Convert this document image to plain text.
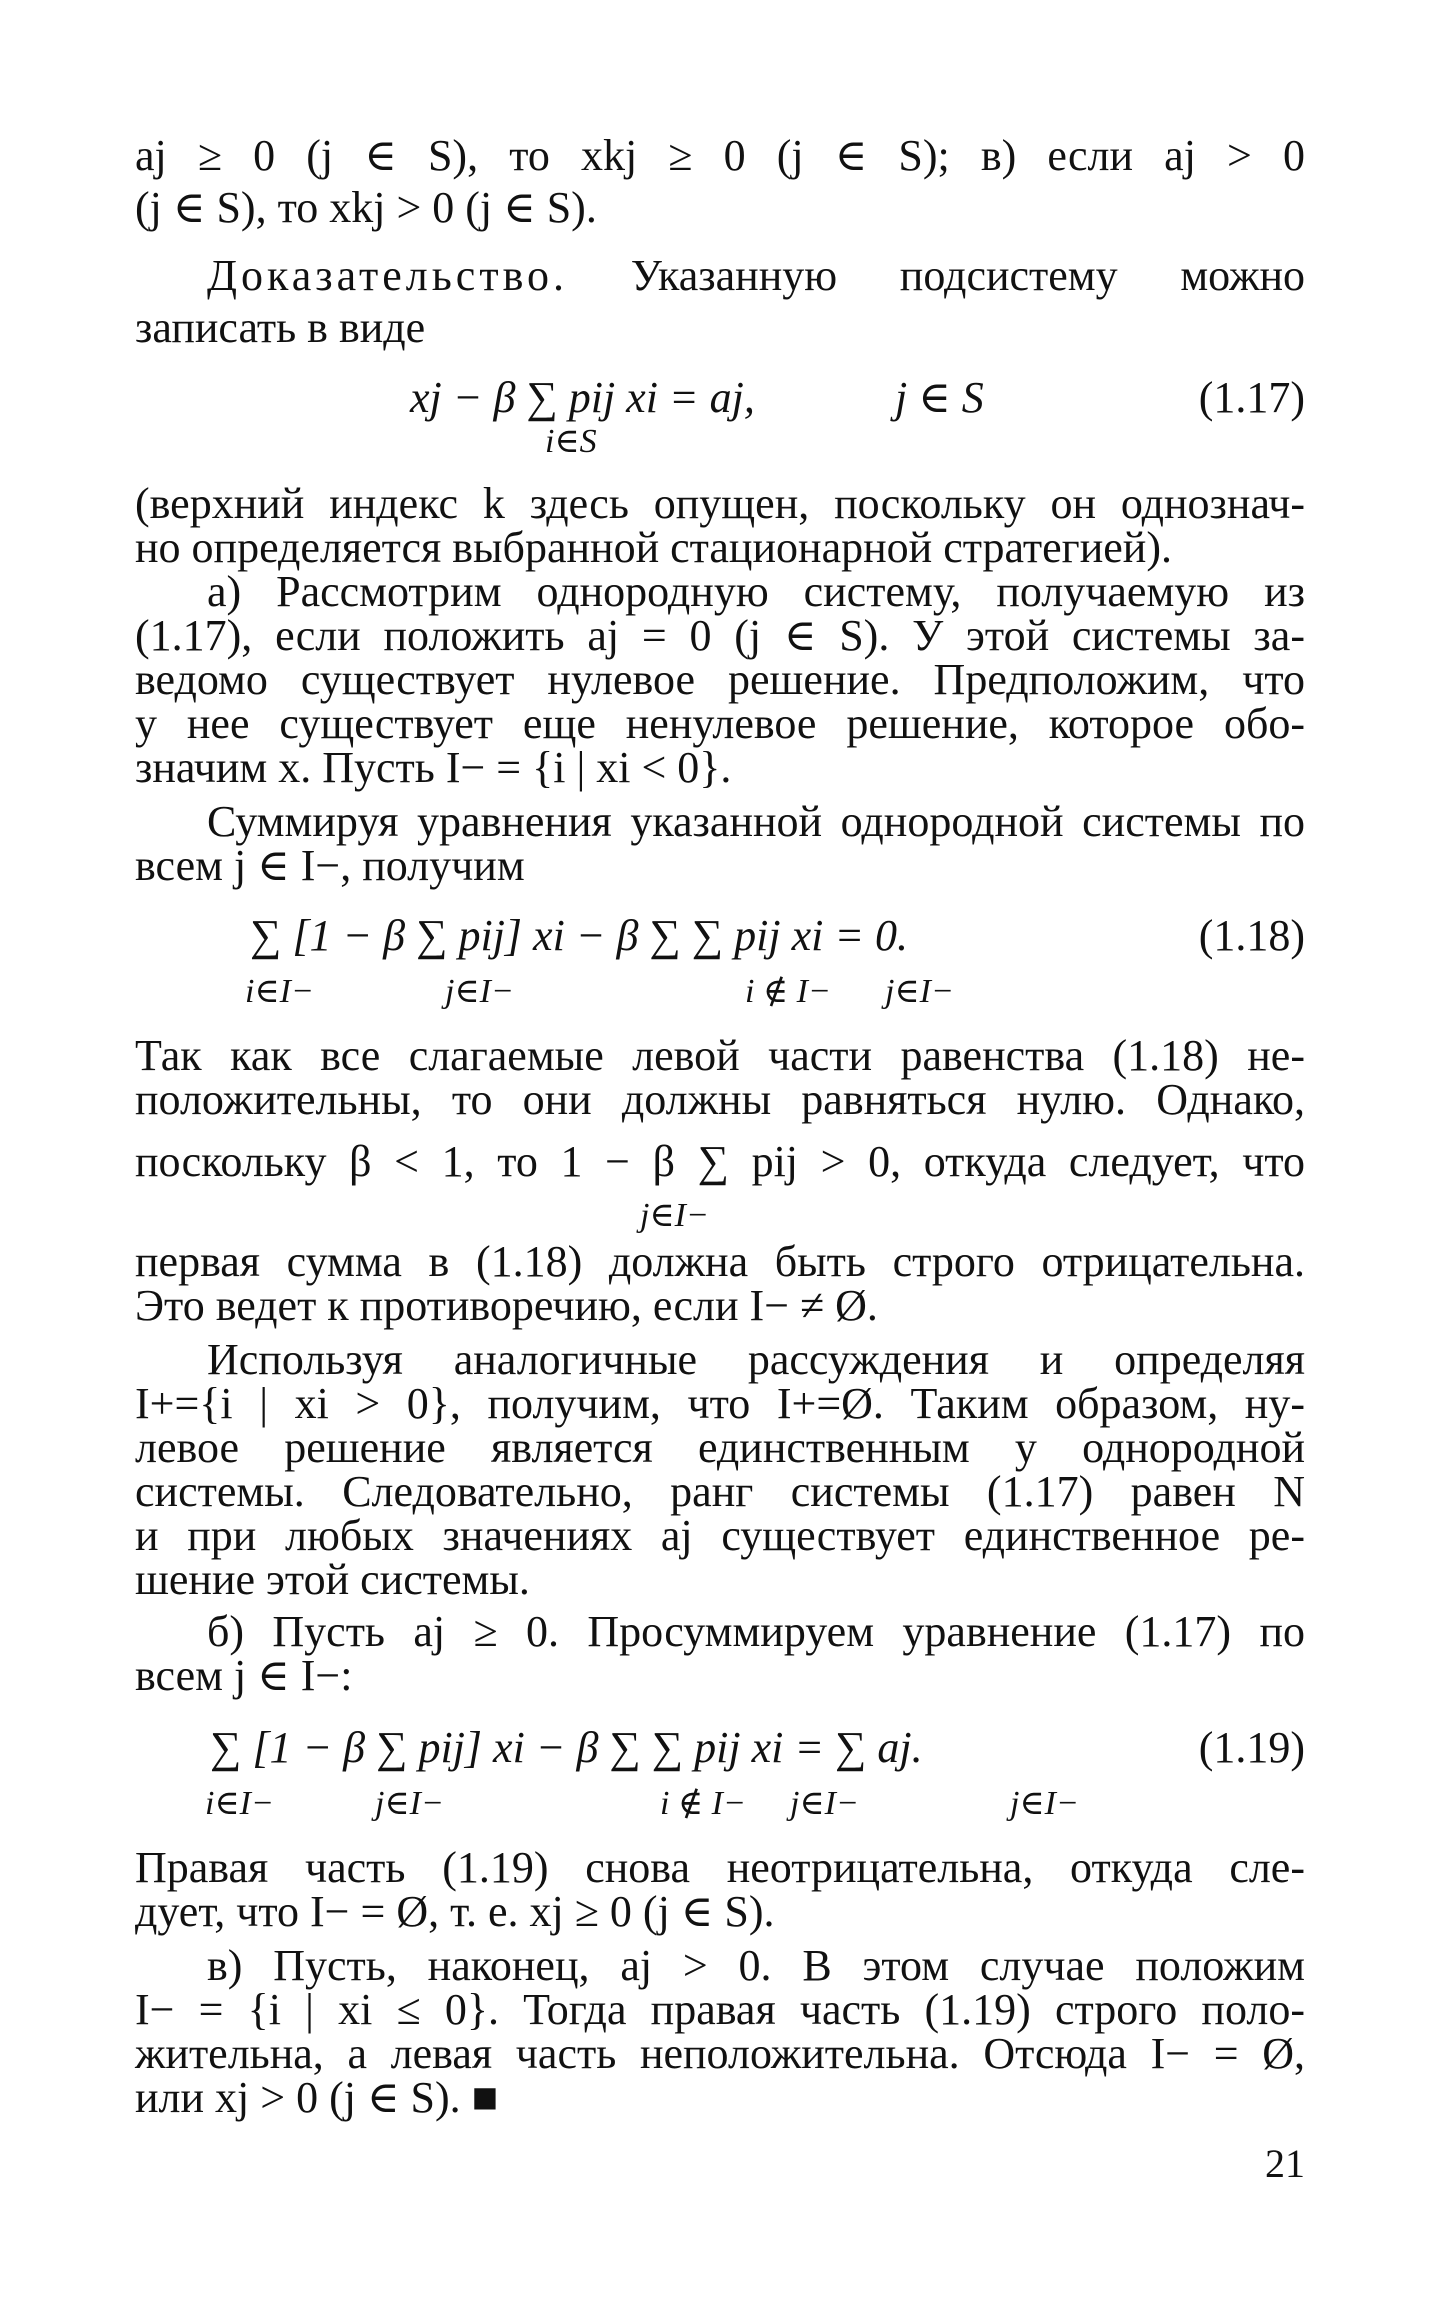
aj ≥ 0 (j ∈ S), то xkj ≥ 0 (j ∈ S); в) если aj > 0
(j ∈ S), то xkj > 0 (j ∈ S).
Доказательство. Указанную подсистему можно
записать в виде
xj − β ∑ pij xi = aj,	j ∈ S
i∈S
(1.17)
(верхний индекс k здесь опущен, поскольку он однознач-
но определяется выбранной стационарной стратегией).
а) Рассмотрим однородную систему, получаемую из
(1.17), если положить aj = 0 (j ∈ S). У этой системы за-
ведомо существует нулевое решение. Предположим, что
у нее существует еще ненулевое решение, которое обо-
значим x. Пусть I− = {i | xi < 0}.
Суммируя уравнения указанной однородной системы по
всем j ∈ I−, получим
∑ [1 − β ∑ pij] xi − β ∑ ∑ pij xi = 0.
i∈I−	j∈I−	i ∉ I− j∈I−
(1.18)
Так как все слагаемые левой части равенства (1.18) не-
положительны, то они должны равняться нулю. Однако,
поскольку β < 1, то 1 − β ∑ pij > 0, откуда следует, что
j∈I−
первая сумма в (1.18) должна быть строго отрицательна.
Это ведет к противоречию, если I− ≠ Ø.
Используя аналогичные рассуждения и определяя
I+={i | xi > 0}, получим, что I+=Ø. Таким образом, ну-
левое решение является единственным у однородной
системы. Следовательно, ранг системы (1.17) равен N
и при любых значениях aj существует единственное ре-
шение этой системы.
б) Пусть aj ≥ 0. Просуммируем уравнение (1.17) по
всем j ∈ I−:
∑ [1 − β ∑ pij] xi − β ∑ ∑ pij xi = ∑ aj.
i∈I−	j∈I−	i ∉ I− j∈I−	j∈I−
(1.19)
Правая часть (1.19) снова неотрицательна, откуда сле-
дует, что I− = Ø, т. е. xj ≥ 0 (j ∈ S).
в) Пусть, наконец, aj > 0. В этом случае положим
I− = {i | xi ≤ 0}. Тогда правая часть (1.19) строго поло-
жительна, а левая часть неположительна. Отсюда I− = Ø,
или xj > 0 (j ∈ S). ■
21
